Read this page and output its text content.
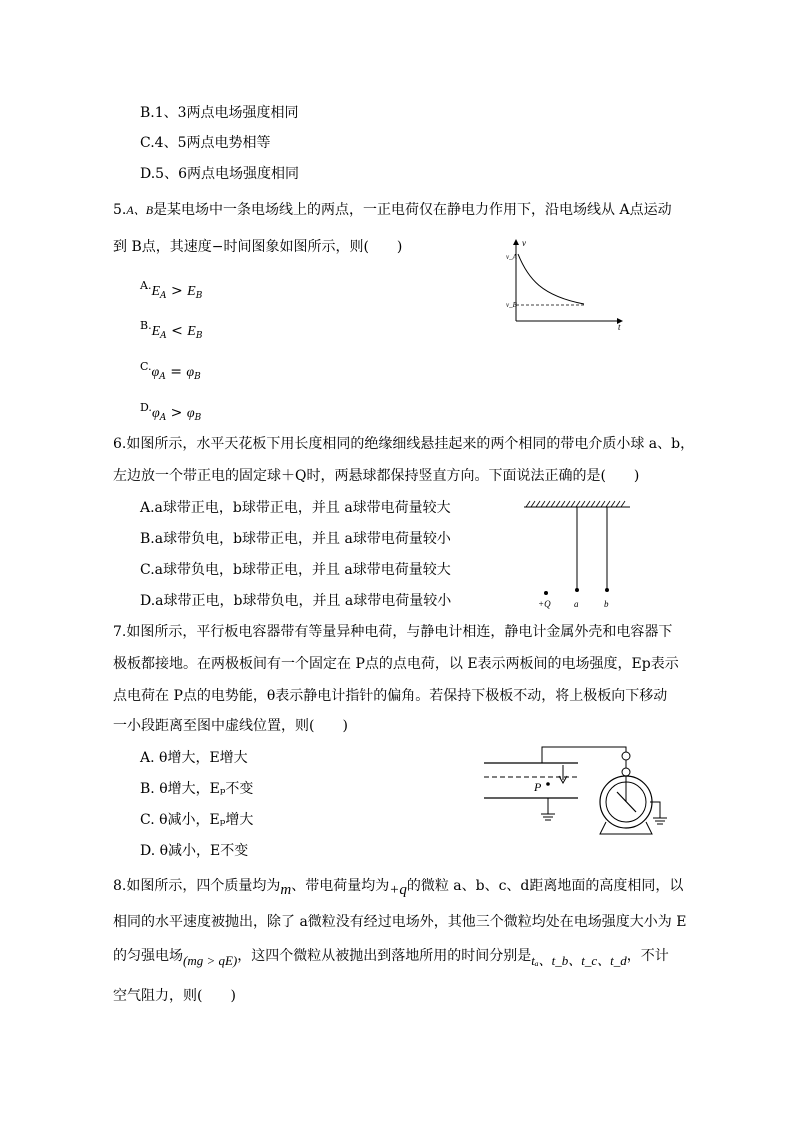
B.1、3两点电场强度相同
C.4、5两点电势相等
D.5、6两点电场强度相同
5.A、B是某电场中一条电场线上的两点，一正电荷仅在静电力作用下，沿电场线从 A点运动
到 B点，其速度−时间图象如图所示，则(　　)
$^{A.}E_A > E_B$
$^{B.}E_A < E_B$
$^{C.}\varphi_A = \varphi_B$
$^{D.}\varphi_A > \varphi_B$
v
t
v_A
v_B
6.如图所示，水平天花板下用长度相同的绝缘细线悬挂起来的两个相同的带电介质小球 a、b，
左边放一个带正电的固定球＋Q时，两悬球都保持竖直方向。下面说法正确的是(　　)
A.a球带正电，b球带正电，并且 a球带电荷量较大
B.a球带负电，b球带正电，并且 a球带电荷量较小
C.a球带负电，b球带正电，并且 a球带电荷量较大
D.a球带正电，b球带负电，并且 a球带电荷量较小	+Q	a	b
7.如图所示，平行板电容器带有等量异种电荷，与静电计相连，静电计金属外壳和电容器下
极板都接地。在两极板间有一个固定在 P点的点电荷，以 E表示两板间的电场强度，Ep表示
点电荷在 P点的电势能，θ表示静电计指针的偏角。若保持下极板不动，将上极板向下移动
一小段距离至图中虚线位置，则(　　)
A. θ增大，E增大
B. θ增大，Eₚ不变
C. θ减小，Eₚ增大
D. θ减小，E不变
P
8.如图所示，四个质量均为m、带电荷量均为+q的微粒 a、b、c、d距离地面的高度相同，以
相同的水平速度被抛出，除了 a微粒没有经过电场外，其他三个微粒均处在电场强度大小为 E
的匀强电场(mg > qE)，这四个微粒从被抛出到落地所用的时间分别是tₐ、t_b、t_c、t_d，不计
空气阻力，则(　　)
